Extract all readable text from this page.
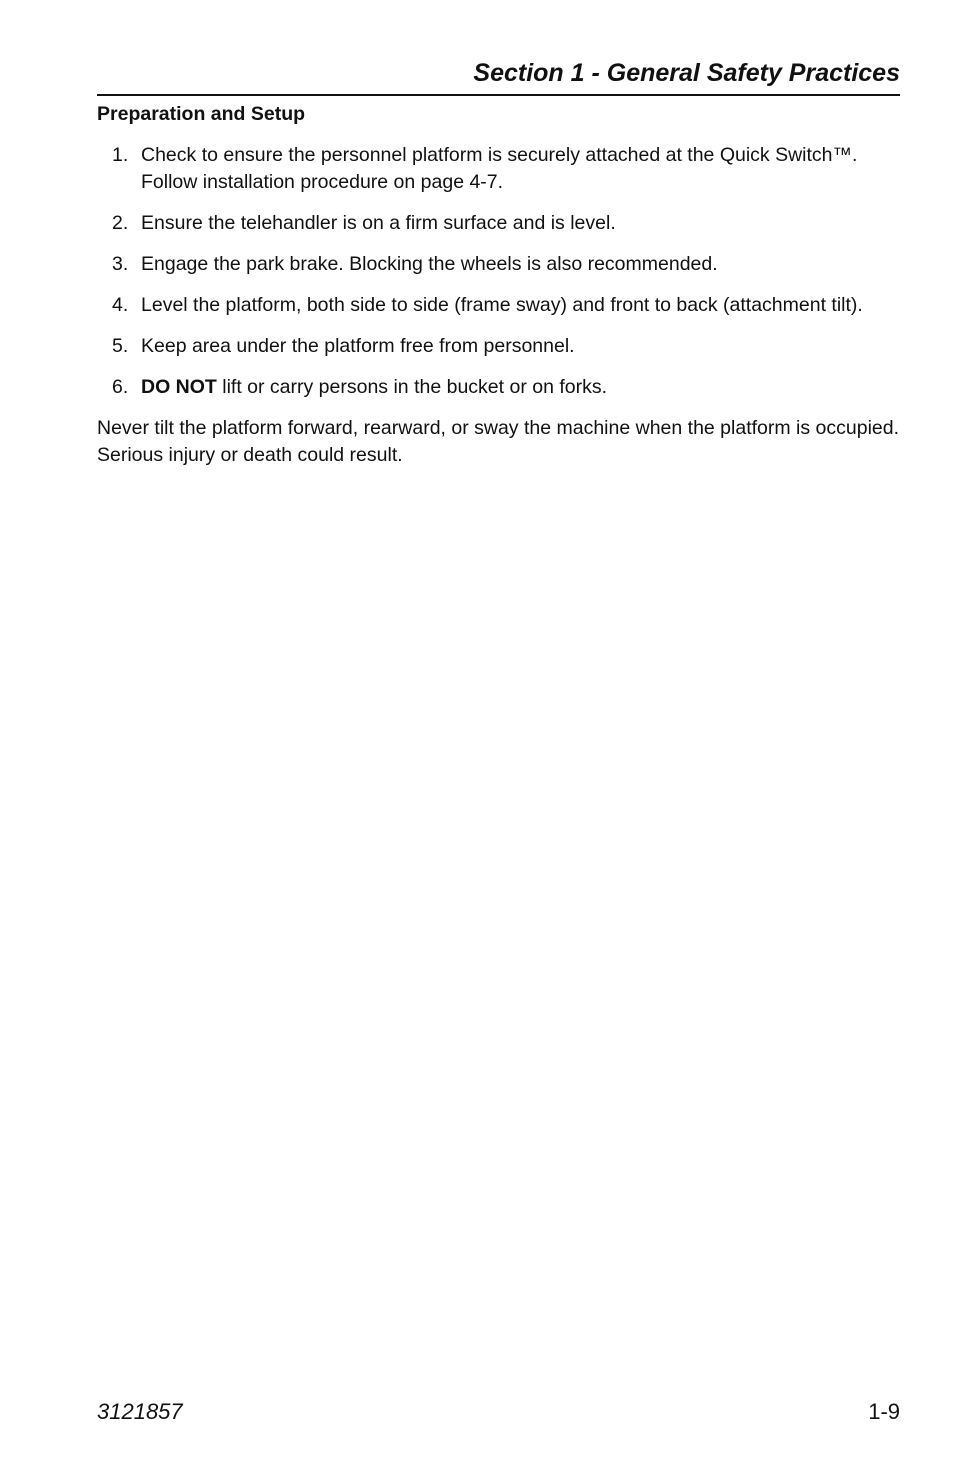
Section 1 - General Safety Practices
Preparation and Setup
1. Check to ensure the personnel platform is securely attached at the Quick Switch™. Follow installation procedure on page 4-7.
2. Ensure the telehandler is on a firm surface and is level.
3. Engage the park brake. Blocking the wheels is also recommended.
4. Level the platform, both side to side (frame sway) and front to back (attachment tilt).
5. Keep area under the platform free from personnel.
6. DO NOT lift or carry persons in the bucket or on forks.

Never tilt the platform forward, rearward, or sway the machine when the platform is occupied. Serious injury or death could result.

3121857	1-9
